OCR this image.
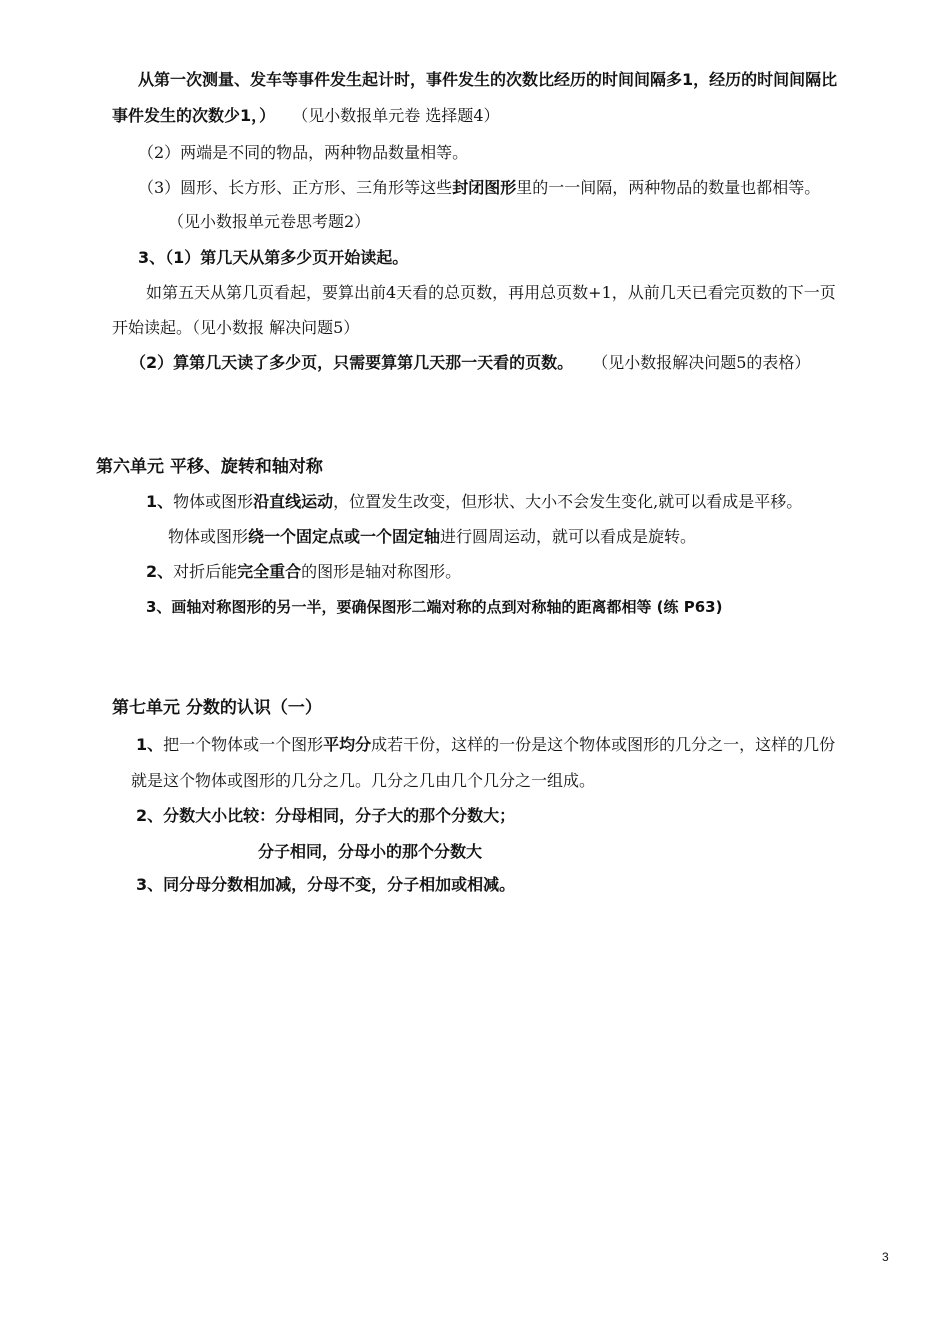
从第一次测量、发车等事件发生起计时，事件发生的次数比经历的时间间隔多1，经历的时间间隔比
事件发生的次数少1，） （见小数报单元卷 选择题4）
（2）两端是不同的物品，两种物品数量相等。
（3）圆形、长方形、正方形、三角形等这些封闭图形里的一一间隔，两种物品的数量也都相等。
（见小数报单元卷思考题2）
3、（1）第几天从第多少页开始读起。
如第五天从第几页看起，要算出前4天看的总页数，再用总页数+1，从前几天已看完页数的下一页
开始读起。（见小数报 解决问题5）
（2）算第几天读了多少页，只需要算第几天那一天看的页数。 （见小数报解决问题5的表格）
第六单元 平移、旋转和轴对称
1、物体或图形沿直线运动，位置发生改变，但形状、大小不会发生变化,就可以看成是平移。
物体或图形绕一个固定点或一个固定轴进行圆周运动，就可以看成是旋转。
2、对折后能完全重合的图形是轴对称图形。
3、画轴对称图形的另一半，要确保图形二端对称的点到对称轴的距离都相等 (练 P63)
第七单元 分数的认识（一）
1、把一个物体或一个图形平均分成若干份，这样的一份是这个物体或图形的几分之一，这样的几份
就是这个物体或图形的几分之几。几分之几由几个几分之一组成。
2、分数大小比较：分母相同，分子大的那个分数大；
分子相同，分母小的那个分数大
3、同分母分数相加减，分母不变，分子相加或相减。
3
